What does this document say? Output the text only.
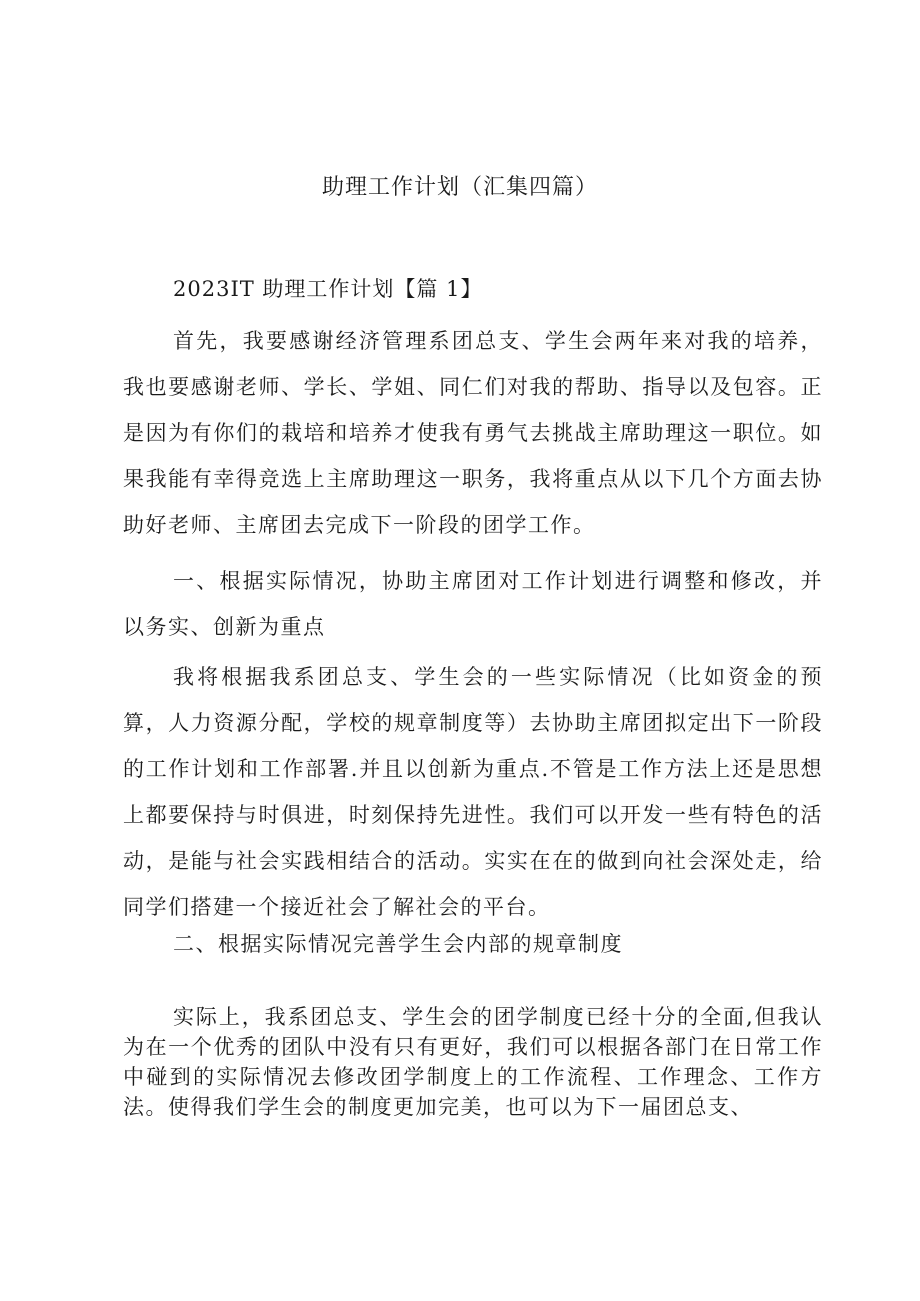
助理工作计划（汇集四篇）
2023IT 助理工作计划【篇 1】

首先，我要感谢经济管理系团总支、学生会两年来对我的培养，我也要感谢老师、学长、学姐、同仁们对我的帮助、指导以及包容。正是因为有你们的栽培和培养才使我有勇气去挑战主席助理这一职位。如果我能有幸得竞选上主席助理这一职务，我将重点从以下几个方面去协助好老师、主席团去完成下一阶段的团学工作。

一、根据实际情况，协助主席团对工作计划进行调整和修改，并以务实、创新为重点

我将根据我系团总支、学生会的一些实际情况（比如资金的预算，人力资源分配，学校的规章制度等）去协助主席团拟定出下一阶段的工作计划和工作部署.并且以创新为重点.不管是工作方法上还是思想上都要保持与时俱进，时刻保持先进性。我们可以开发一些有特色的活动，是能与社会实践相结合的活动。实实在在的做到向社会深处走，给同学们搭建一个接近社会了解社会的平台。

二、根据实际情况完善学生会内部的规章制度

实际上，我系团总支、学生会的团学制度已经十分的全面,但我认为在一个优秀的团队中没有只有更好，我们可以根据各部门在日常工作中碰到的实际情况去修改团学制度上的工作流程、工作理念、工作方法。使得我们学生会的制度更加完美，也可以为下一届团总支、
